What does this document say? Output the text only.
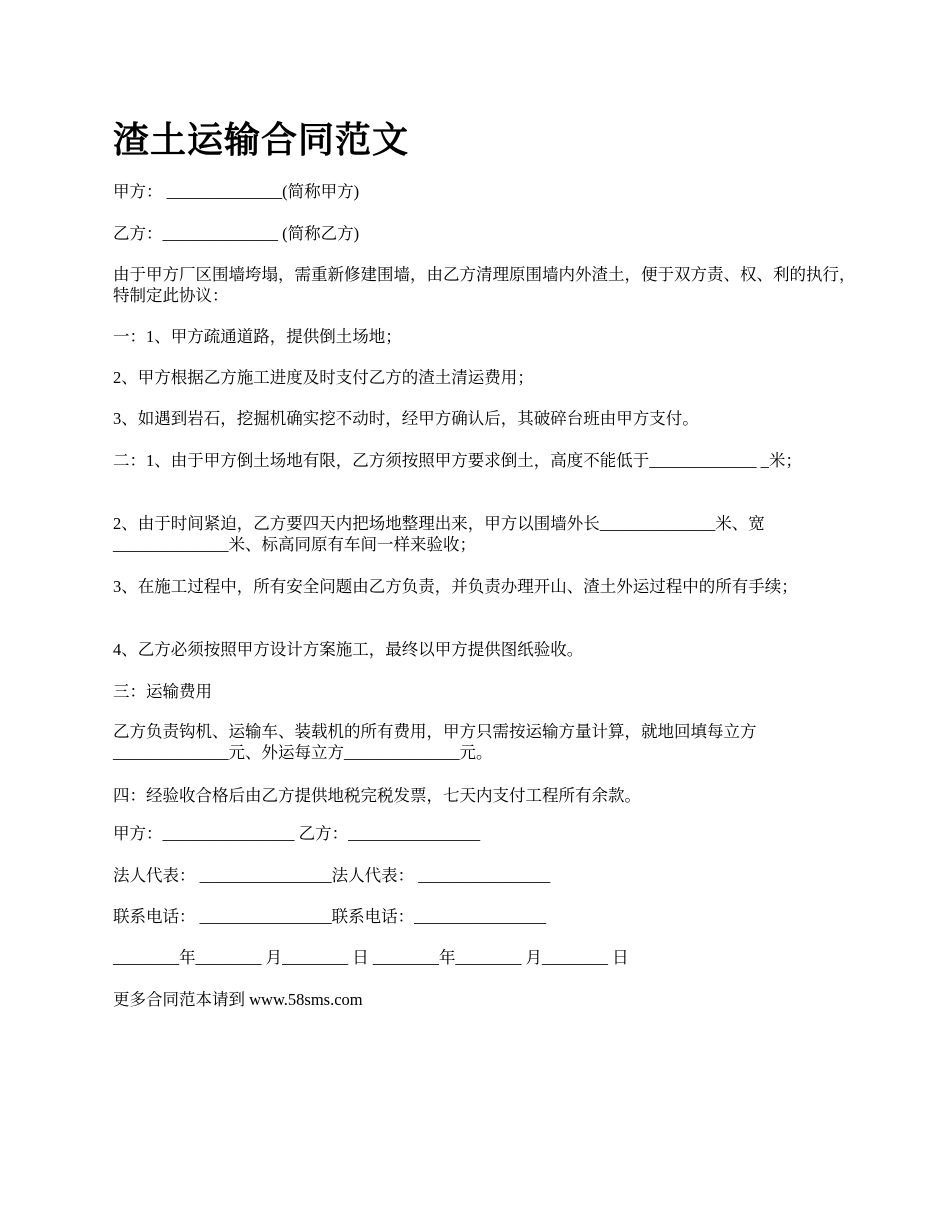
渣土运输合同范文

甲方： ______________(简称甲方)

乙方：______________ (简称乙方)

由于甲方厂区围墙垮塌，需重新修建围墙，由乙方清理原围墙内外渣土，便于双方责、权、利的执行，特制定此协议：

一：1、甲方疏通道路，提供倒土场地；

2、甲方根据乙方施工进度及时支付乙方的渣土清运费用；

3、如遇到岩石，挖掘机确实挖不动时，经甲方确认后，其破碎台班由甲方支付。

二：1、由于甲方倒土场地有限，乙方须按照甲方要求倒土，高度不能低于_____________ _米；

2、由于时间紧迫，乙方要四天内把场地整理出来，甲方以围墙外长______________米、宽______________米、标高同原有车间一样来验收；

3、在施工过程中，所有安全问题由乙方负责，并负责办理开山、渣土外运过程中的所有手续；

4、乙方必须按照甲方设计方案施工，最终以甲方提供图纸验收。

三：运输费用

乙方负责钩机、运输车、装载机的所有费用，甲方只需按运输方量计算，就地回填每立方______________元、外运每立方______________元。

四：经验收合格后由乙方提供地税完税发票，七天内支付工程所有余款。

甲方：________________ 乙方：________________

法人代表： ________________法人代表： ________________

联系电话： ________________联系电话：________________

________年________ 月________ 日 ________年________ 月________ 日

更多合同范本请到 www.58sms.com
